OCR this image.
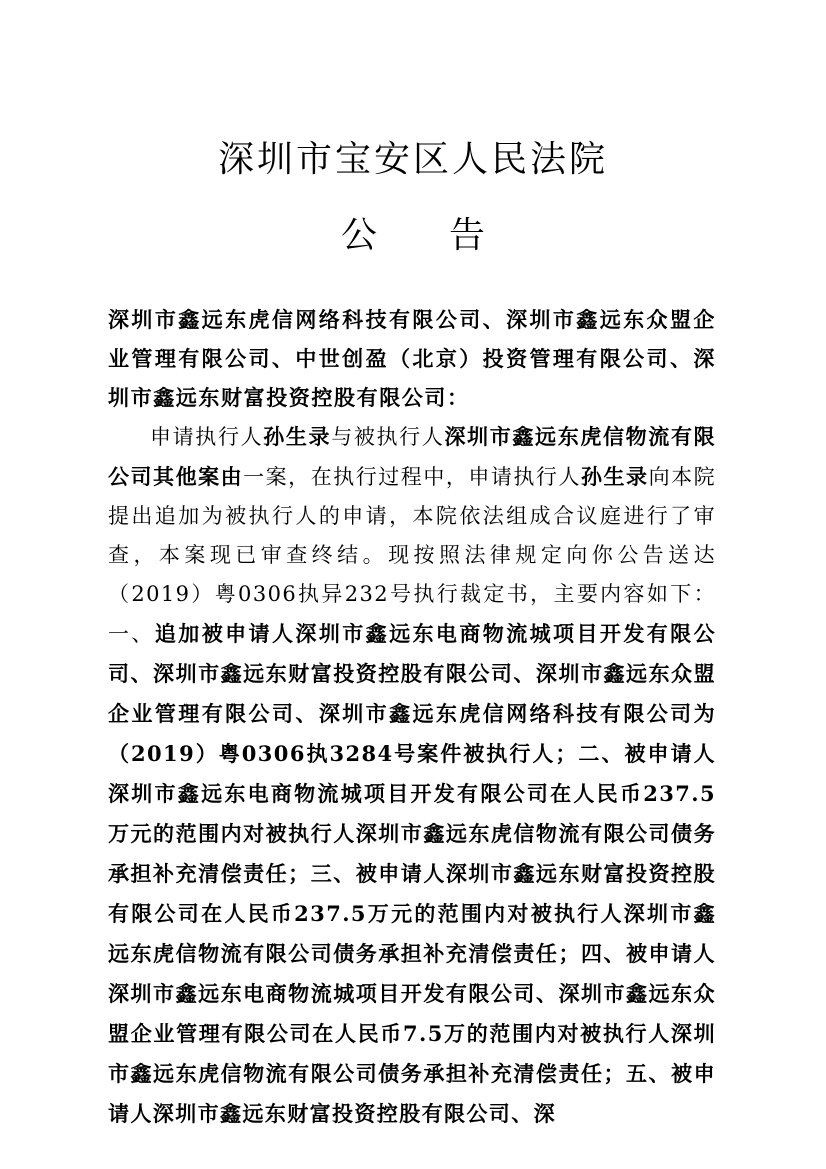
深圳市宝安区人民法院
公 告

深圳市鑫远东虎信网络科技有限公司、深圳市鑫远东众盟企业管理有限公司、中世创盈（北京）投资管理有限公司、深圳市鑫远东财富投资控股有限公司：

申请执行人孙生录与被执行人深圳市鑫远东虎信物流有限公司其他案由一案，在执行过程中，申请执行人孙生录向本院提出追加为被执行人的申请，本院依法组成合议庭进行了审查，本案现已审查终结。现按照法律规定向你公告送达（2019）粤0306执异232号执行裁定书，主要内容如下：一、追加被申请人深圳市鑫远东电商物流城项目开发有限公司、深圳市鑫远东财富投资控股有限公司、深圳市鑫远东众盟企业管理有限公司、深圳市鑫远东虎信网络科技有限公司为（2019）粤0306执3284号案件被执行人；二、被申请人深圳市鑫远东电商物流城项目开发有限公司在人民币237.5万元的范围内对被执行人深圳市鑫远东虎信物流有限公司债务承担补充清偿责任；三、被申请人深圳市鑫远东财富投资控股有限公司在人民币237.5万元的范围内对被执行人深圳市鑫远东虎信物流有限公司债务承担补充清偿责任；四、被申请人深圳市鑫远东电商物流城项目开发有限公司、深圳市鑫远东众盟企业管理有限公司在人民币7.5万的范围内对被执行人深圳市鑫远东虎信物流有限公司债务承担补充清偿责任；五、被申请人深圳市鑫远东财富投资控股有限公司、深
